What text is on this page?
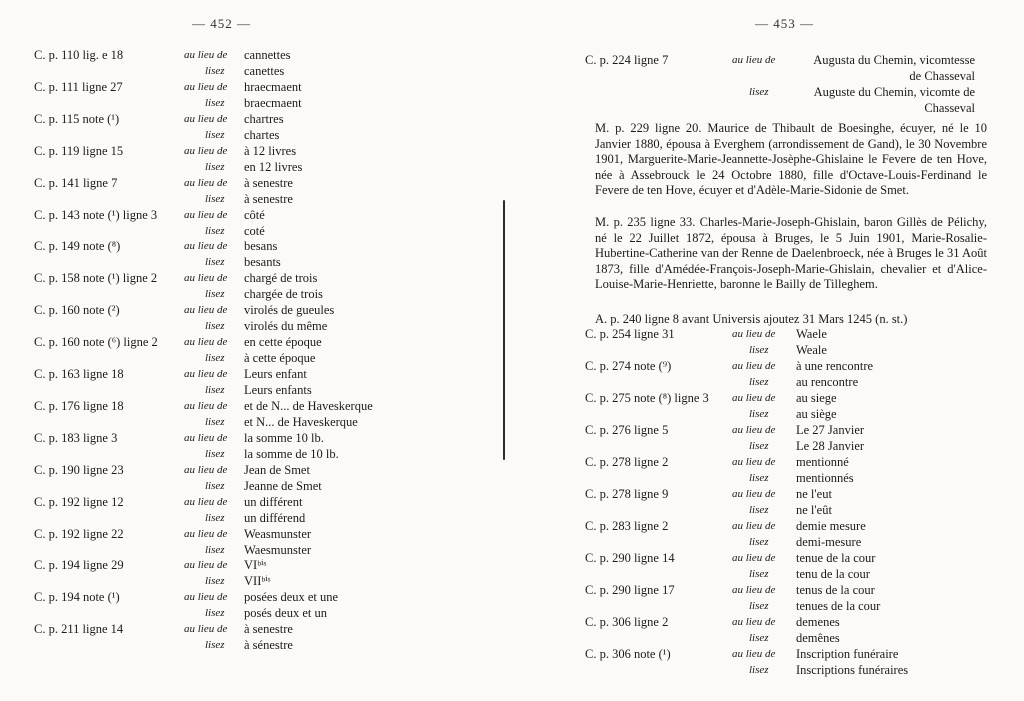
— 452 —
C. p. 110 lig. e 18	au lieu de cannettes
lisez canettes
C. p. 111 ligne 27	au lieu de hraecmaent
lisez braecmaent
C. p. 115 note (¹)	au lieu de chartres
lisez chartes
C. p. 119 ligne 15	au lieu de à 12 livres
lisez en 12 livres
C. p. 141 ligne 7	au lieu de à senestre
lisez à senestre
C. p. 143 note (¹) ligne 3 au lieu de côté
lisez coté
C. p. 149 note (⁸)	au lieu de besans
lisez besants
C. p. 158 note (¹) ligne 2 au lieu de chargé de trois
lisez chargée de trois
C. p. 160 note (²)	au lieu de virolés de gueules
lisez virolés du même
C. p. 160 note (⁶) ligne 2 au lieu de en cette époque
lisez à cette époque
C. p. 163 ligne 18	au lieu de Leurs enfant
lisez Leurs enfants
C. p. 176 ligne 18	au lieu de et de N... de Haveskerque
lisez et N... de Haveskerque
C. p. 183 ligne 3	au lieu de la somme 10 lb.
lisez la somme de 10 lb.
C. p. 190 ligne 23	au lieu de Jean de Smet
lisez Jeanne de Smet
C. p. 192 ligne 12	au lieu de un différent
lisez un différend
C. p. 192 ligne 22	au lieu de Weasmunster
lisez Waesmunster
C. p. 194 ligne 29	au lieu de VIᵇⁱˢ
lisez VIIᵇⁱˢ
C. p. 194 note (¹)	au lieu de posées deux et une
lisez posés deux et un
C. p. 211 ligne 14	au lieu de à senestre
lisez à sénestre
— 453 —
C. p. 224 ligne 7	au lieu de	Augusta du Chemin, vicomtesse de Chasseval
lisez	Auguste du Chemin, vicomte de Chasseval
M. p. 229 ligne 20. Maurice de Thibault de Boesinghe, écuyer, né le 10 Janvier 1880, épousa à Everghem (arrondissement de Gand), le 30 Novembre 1901, Marguerite-Marie-Jeannette-Josèphe-Ghislaine le Fevere de ten Hove, née à Assebrouck le 24 Octobre 1880, fille d'Octave-Louis-Ferdinand le Fevere de ten Hove, écuyer et d'Adèle-Marie-Sidonie de Smet.
M. p. 235 ligne 33. Charles-Marie-Joseph-Ghislain, baron Gillès de Pélichy, né le 22 Juillet 1872, épousa à Bruges, le 5 Juin 1901, Marie-Rosalie-Hubertine-Catherine van der Renne de Daelenbroeck, née à Bruges le 31 Août 1873, fille d'Amédée-François-Joseph-Marie-Ghislain, chevalier et d'Alice-Louise-Marie-Henriette, baronne le Bailly de Tilleghem.
A. p. 240 ligne 8 avant Universis ajoutez 31 Mars 1245 (n. st.)
C. p. 254 ligne 31	au lieu de Waele
lisez Weale
C. p. 274 note (⁹)	au lieu de à une rencontre
lisez au rencontre
C. p. 275 note (⁸) ligne 3 au lieu de au siege
lisez au siège
C. p. 276 ligne 5	au lieu de Le 27 Janvier
lisez Le 28 Janvier
C. p. 278 ligne 2	au lieu de mentionné
lisez mentionnés
C. p. 278 ligne 9	au lieu de ne l'eut
lisez ne l'eût
C. p. 283 ligne 2	au lieu de demie mesure
lisez demi-mesure
C. p. 290 ligne 14	au lieu de tenue de la cour
lisez tenu de la cour
C. p. 290 ligne 17	au lieu de tenus de la cour
lisez tenues de la cour
C. p. 306 ligne 2	au lieu de demenes
lisez demênes
C. p. 306 note (¹)	au lieu de Inscription funéraire
lisez Inscriptions funéraires
